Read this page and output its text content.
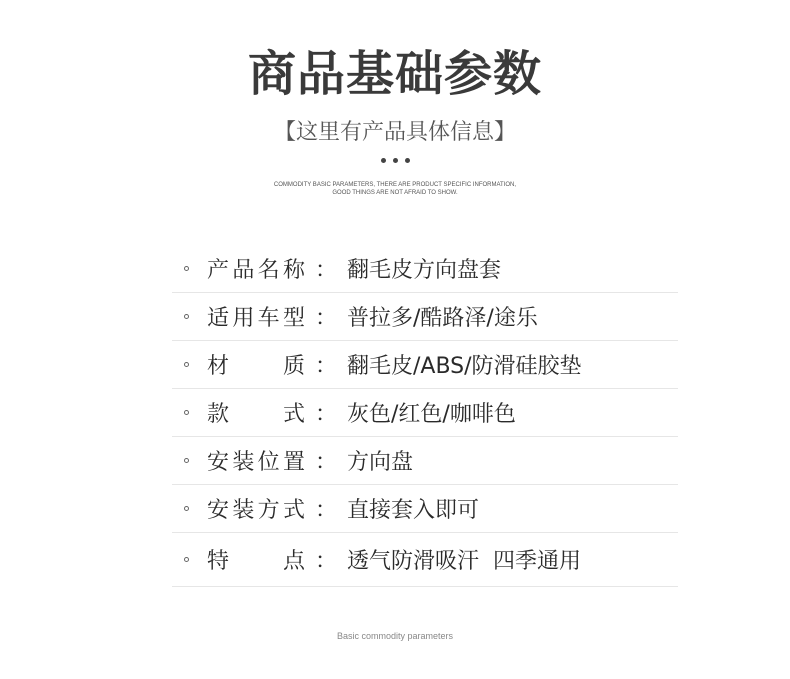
商品基础参数
【这里有产品具体信息】
COMMODITY BASIC PARAMETERS, THERE ARE PRODUCT SPECIFIC INFORMATION,
GOOD THINGS ARE NOT AFRAID TO SHOW.
产 品 名 称 ： 翻毛皮方向盘套
适 用 车 型 ： 普拉多/酷路泽/途乐
材 质 ： 翻毛皮/ABS/防滑硅胶垫
款 式 ： 灰色/红色/咖啡色
安 装 位 置 ： 方向盘
安 装 方 式 ： 直接套入即可
特 点 ： 透气防滑吸汗  四季通用
Basic commodity parameters
